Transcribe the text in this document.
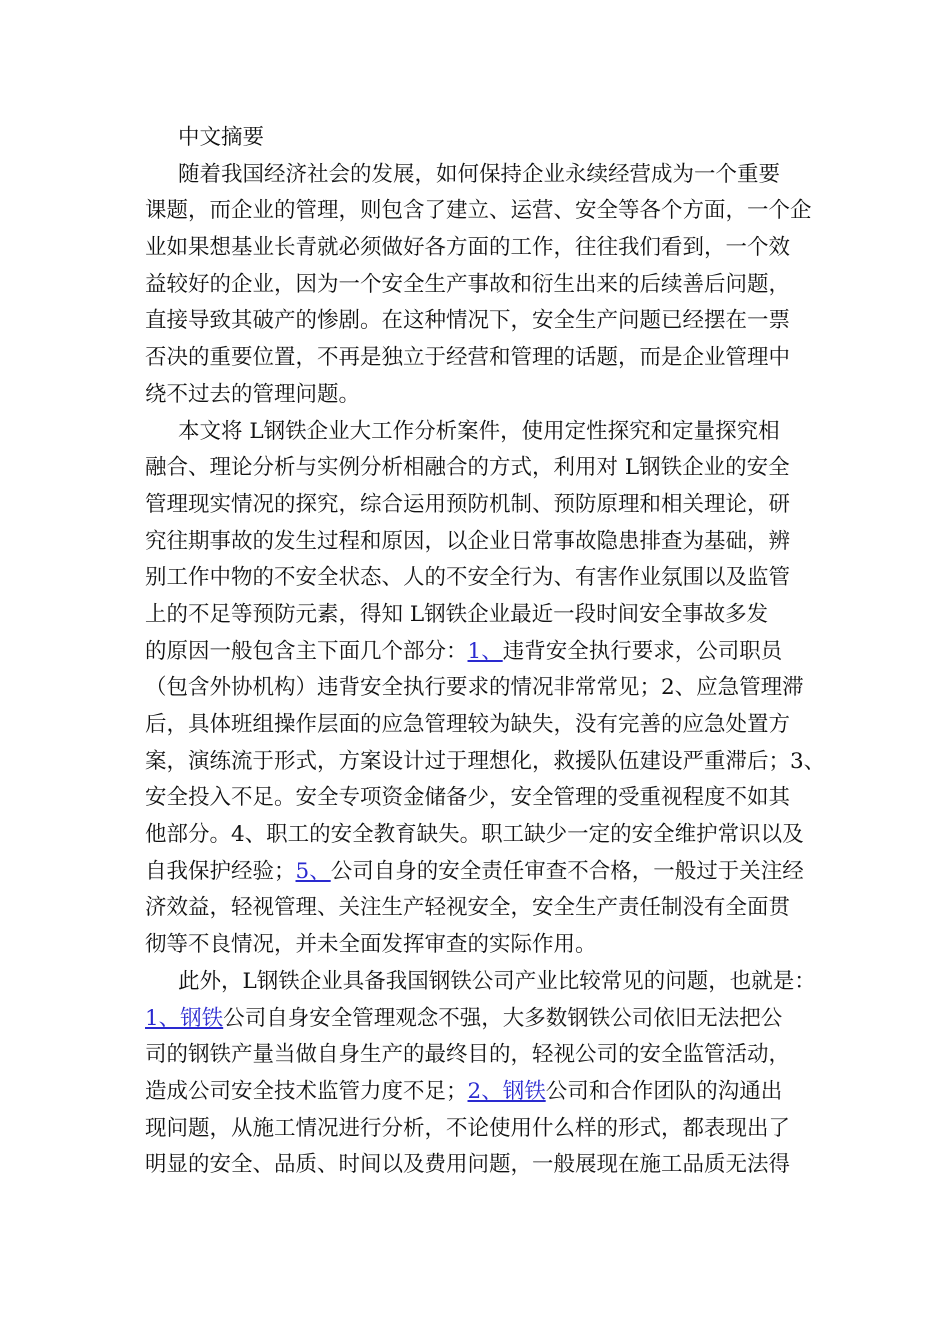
中文摘要
随着我国经济社会的发展，如何保持企业永续经营成为一个重要
课题，而企业的管理，则包含了建立、运营、安全等各个方面，一个企
业如果想基业长青就必须做好各方面的工作，往往我们看到，一个效
益较好的企业，因为一个安全生产事故和衍生出来的后续善后问题，
直接导致其破产的惨剧。在这种情况下，安全生产问题已经摆在一票
否决的重要位置，不再是独立于经营和管理的话题，而是企业管理中
绕不过去的管理问题。
本文将 L钢铁企业大工作分析案件，使用定性探究和定量探究相
融合、理论分析与实例分析相融合的方式，利用对 L钢铁企业的安全
管理现实情况的探究，综合运用预防机制、预防原理和相关理论，研
究往期事故的发生过程和原因，以企业日常事故隐患排查为基础，辨
别工作中物的不安全状态、人的不安全行为、有害作业氛围以及监管
上的不足等预防元素，得知 L钢铁企业最近一段时间安全事故多发
的原因一般包含主下面几个部分：1、违背安全执行要求，公司职员
（包含外协机构）违背安全执行要求的情况非常常见；2、应急管理滞
后，具体班组操作层面的应急管理较为缺失，没有完善的应急处置方
案，演练流于形式，方案设计过于理想化，救援队伍建设严重滞后；3、
安全投入不足。安全专项资金储备少，安全管理的受重视程度不如其
他部分。4、职工的安全教育缺失。职工缺少一定的安全维护常识以及
自我保护经验；5、公司自身的安全责任审查不合格，一般过于关注经
济效益，轻视管理、关注生产轻视安全，安全生产责任制没有全面贯
彻等不良情况，并未全面发挥审查的实际作用。
此外，L钢铁企业具备我国钢铁公司产业比较常见的问题，也就是：
1、钢铁公司自身安全管理观念不强，大多数钢铁公司依旧无法把公
司的钢铁产量当做自身生产的最终目的，轻视公司的安全监管活动，
造成公司安全技术监管力度不足；2、钢铁公司和合作团队的沟通出
现问题，从施工情况进行分析，不论使用什么样的形式，都表现出了
明显的安全、品质、时间以及费用问题，一般展现在施工品质无法得
